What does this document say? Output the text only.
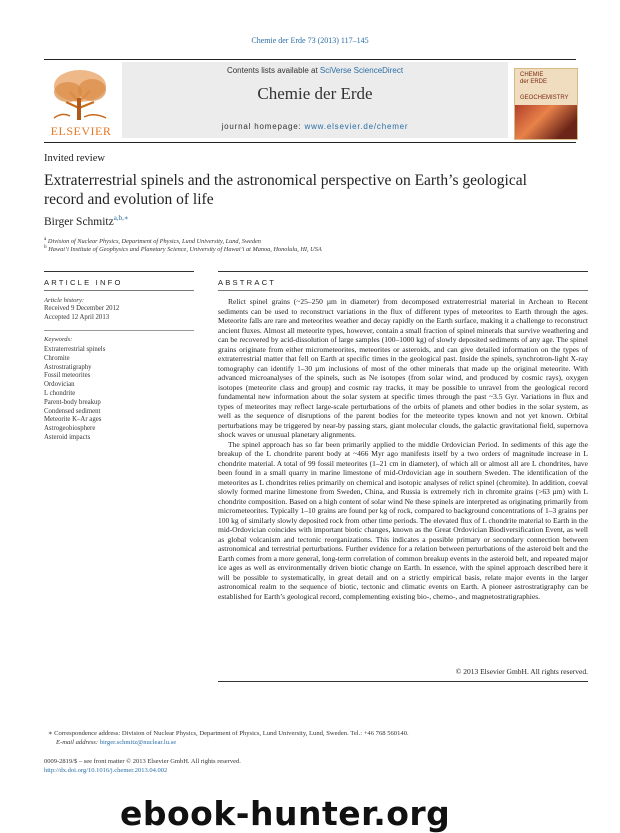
Chemie der Erde 73 (2013) 117–145
ELSEVIER
Contents lists available at SciVerse ScienceDirect
Chemie der Erde
journal homepage: www.elsevier.de/chemer
CHEMIE
der ERDE
GEOCHEMISTRY
Invited review
Extraterrestrial spinels and the astronomical perspective on Earth’s geological
record and evolution of life
Birger Schmitz$^{a,b,∗}$
$^a$ Division of Nuclear Physics, Department of Physics, Lund University, Lund, Sweden
$^b$ Hawai’i Institute of Geophysics and Planetary Science, University of Hawai’i at Manoa, Honolulu, HI, USA
ARTICLE INFO	ABSTRACT
Article history:
Received 9 December 2012
Accepted 12 April 2013
Keywords:
Extraterrestrial spinels
Chromite
Astrostratigraphy
Fossil meteorites
Ordovician
L chondrite
Parent-body breakup
Condensed sediment
Meteorite K–Ar ages
Astrogeobiosphere
Asteroid impacts

Relict spinel grains (~25–250 µm in diameter) from decomposed extraterrestrial material in Archean to Recent sediments can be used to reconstruct variations in the flux of different types of meteorites to Earth through the ages. Meteorite falls are rare and meteorites weather and decay rapidly on the Earth surface, making it a challenge to reconstruct ancient fluxes. Almost all meteorite types, however, contain a small fraction of spinel minerals that survive weathering and can be recovered by acid-dissolution of large samples (100–1000 kg) of slowly deposited sediments of any age. The spinel grains originate from either micrometeorites, meteorites or asteroids, and can give detailed information on the types of extraterrestrial matter that fell on Earth at specific times in the geological past. Inside the spinels, synchrotron-light X-ray tomography can identify 1–30 µm inclusions of most of the other minerals that made up the original meteorite. With advanced microanalyses of the spinels, such as Ne isotopes (from solar wind, and produced by cosmic rays), oxygen isotopes (meteorite class and group) and cosmic ray tracks, it may be possible to unravel from the geological record fundamental new information about the solar system at specific times through the past ~3.5 Gyr. Variations in flux and types of meteorites may reflect large-scale perturbations of the orbits of planets and other bodies in the solar system, as well as the sequence of disruptions of the parent bodies for the meteorite types known and not yet known. Orbital perturbations may be triggered by near-by passing stars, giant molecular clouds, the galactic gravitational field, supernova shock waves or unusual planetary alignments.

The spinel approach has so far been primarily applied to the middle Ordovician Period. In sediments of this age the breakup of the L chondrite parent body at ~466 Myr ago manifests itself by a two orders of magnitude increase in L chondrite material. A total of 99 fossil meteorites (1–21 cm in diameter), of which all or almost all are L chondrites, have been found in a small quarry in marine limestone of mid-Ordovician age in southern Sweden. The identification of the meteorites as L chondrites relies primarily on chemical and isotopic analyses of relict spinel (chromite). In addition, coeval slowly formed marine limestone from Sweden, China, and Russia is extremely rich in chromite grains (>63 µm) with L chondrite composition. Based on a high content of solar wind Ne these spinels are interpreted as originating primarily from micrometeorites. Typically 1–10 grains are found per kg of rock, compared to background concentrations of 1–3 grains per 100 kg of similarly slowly deposited rock from other time periods. The elevated flux of L chondrite material to Earth in the mid-Ordovician coincides with important biotic changes, known as the Great Ordovician Biodiversification Event, as well as global volcanism and tectonic reorganizations. This indicates a possible primary or secondary connection between astronomical and terrestrial perturbations. Further evidence for a relation between perturbations of the asteroid belt and the Earth comes from a more general, long-term correlation of common breakup events in the asteroid belt, and repeated major ice ages as well as environmentally driven biotic change on Earth. In essence, with the spinel approach described here it will be possible to systematically, in great detail and on a strictly empirical basis, relate major events in the larger astronomical realm to the sequence of biotic, tectonic and climatic events on Earth. A pioneer astrostratigraphy can be established for Earth’s geological record, complementing existing bio-, chemo-, and magnetostratigraphies.

© 2013 Elsevier GmbH. All rights reserved.
∗ Correspondence address: Division of Nuclear Physics, Department of Physics, Lund University, Lund, Sweden. Tel.: +46 768 560140.
E-mail address: birger.schmitz@nuclear.lu.se
0009-2819/$ – see front matter © 2013 Elsevier GmbH. All rights reserved.
http://dx.doi.org/10.1016/j.chemer.2013.04.002
ebook-hunter.org
